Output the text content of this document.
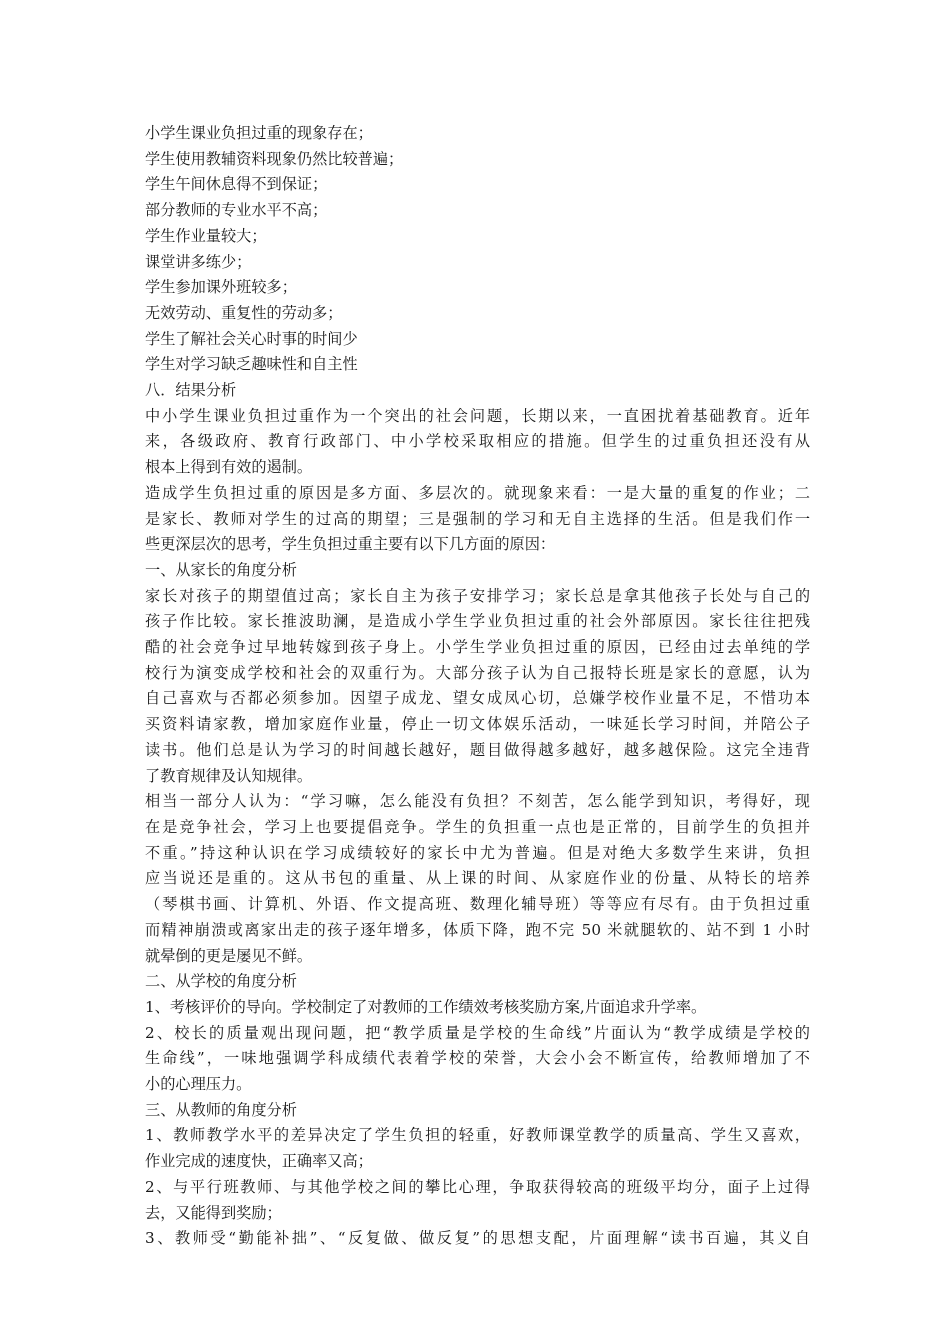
小学生课业负担过重的现象存在；
学生使用教辅资料现象仍然比较普遍；
学生午间休息得不到保证；
部分教师的专业水平不高；
学生作业量较大；
课堂讲多练少；
学生参加课外班较多；
无效劳动、重复性的劳动多；
学生了解社会关心时事的时间少
学生对学习缺乏趣味性和自主性
八．结果分析
中小学生课业负担过重作为一个突出的社会问题，长期以来，一直困扰着基础教育。近年
来，各级政府、教育行政部门、中小学校采取相应的措施。但学生的过重负担还没有从
根本上得到有效的遏制。
造成学生负担过重的原因是多方面、多层次的。就现象来看：一是大量的重复的作业；二
是家长、教师对学生的过高的期望；三是强制的学习和无自主选择的生活。但是我们作一
些更深层次的思考，学生负担过重主要有以下几方面的原因：
一、从家长的角度分析
家长对孩子的期望值过高；家长自主为孩子安排学习；家长总是拿其他孩子长处与自己的
孩子作比较。家长推波助澜，是造成小学生学业负担过重的社会外部原因。家长往往把残
酷的社会竞争过早地转嫁到孩子身上。小学生学业负担过重的原因，已经由过去单纯的学
校行为演变成学校和社会的双重行为。大部分孩子认为自己报特长班是家长的意愿，认为
自己喜欢与否都必须参加。因望子成龙、望女成凤心切，总嫌学校作业量不足，不惜功本
买资料请家教，增加家庭作业量，停止一切文体娱乐活动，一味延长学习时间，并陪公子
读书。他们总是认为学习的时间越长越好，题目做得越多越好，越多越保险。这完全违背
了教育规律及认知规律。
相当一部分人认为：“学习嘛，怎么能没有负担？不刻苦，怎么能学到知识，考得好，现
在是竞争社会，学习上也要提倡竞争。学生的负担重一点也是正常的，目前学生的负担并
不重。”持这种认识在学习成绩较好的家长中尤为普遍。但是对绝大多数学生来讲，负担
应当说还是重的。这从书包的重量、从上课的时间、从家庭作业的份量、从特长的培养
（琴棋书画、计算机、外语、作文提高班、数理化辅导班）等等应有尽有。由于负担过重
而精神崩溃或离家出走的孩子逐年增多，体质下降，跑不完 50 米就腿软的、站不到 1 小时
就晕倒的更是屡见不鲜。
二、从学校的角度分析
1、考核评价的导向。学校制定了对教师的工作绩效考核奖励方案,片面追求升学率。
2、校长的质量观出现问题，把“教学质量是学校的生命线”片面认为“教学成绩是学校的
生命线”，一味地强调学科成绩代表着学校的荣誉，大会小会不断宣传，给教师增加了不
小的心理压力。
三、从教师的角度分析
1、教师教学水平的差异决定了学生负担的轻重，好教师课堂教学的质量高、学生又喜欢，
作业完成的速度快，正确率又高；
2、与平行班教师、与其他学校之间的攀比心理，争取获得较高的班级平均分，面子上过得
去，又能得到奖励；
3、教师受“勤能补拙”、“反复做、做反复”的思想支配，片面理解“读书百遍，其义自
